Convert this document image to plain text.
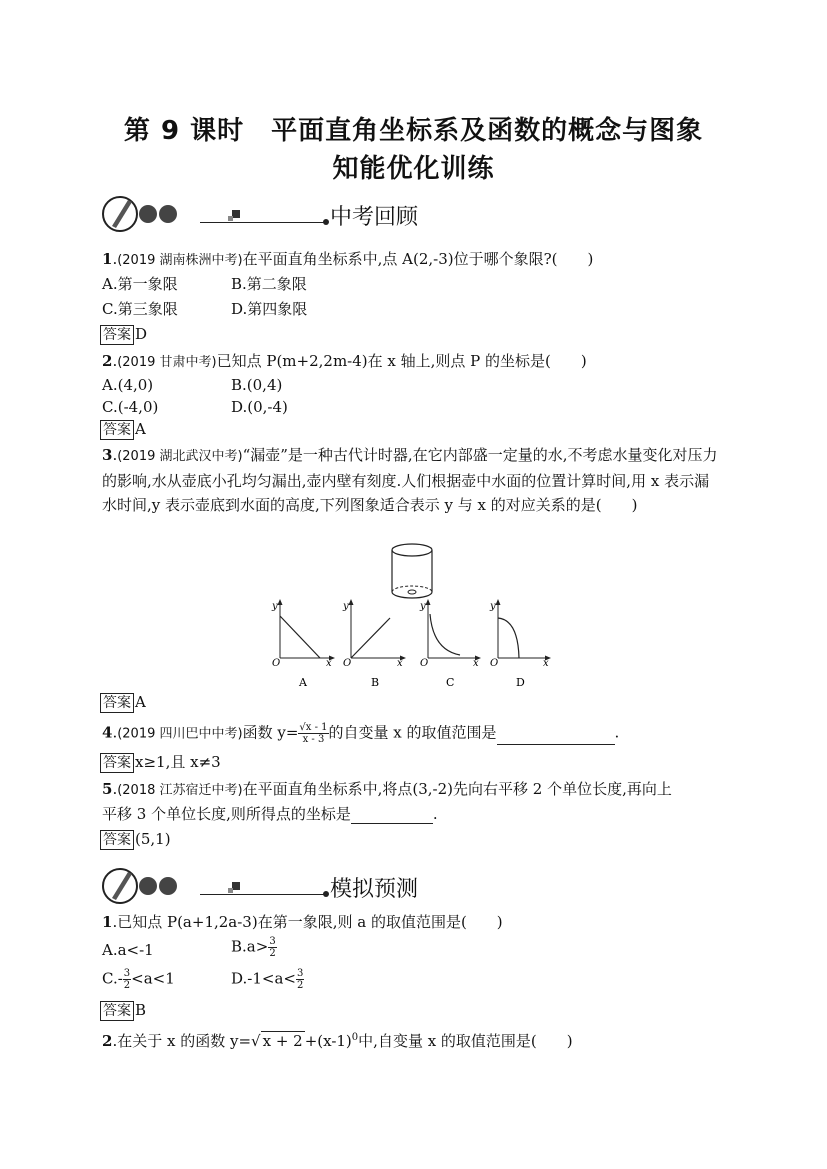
第 9 课时　平面直角坐标系及函数的概念与图象
知能优化训练
中考回顾
1.(2019 湖南株洲中考)在平面直角坐标系中,点 A(2,-3)位于哪个象限?(　　)
A.第一象限	B.第二象限
C.第三象限	D.第四象限
答案 D
2.(2019 甘肃中考)已知点 P(m+2,2m-4)在 x 轴上,则点 P 的坐标是(　　)
A.(4,0)	B.(0,4)
C.(-4,0)	D.(0,-4)
答案 A
3.(2019 湖北武汉中考)“漏壶”是一种古代计时器,在它内部盛一定量的水,不考虑水量变化对压力的影响,水从壶底小孔均匀漏出,壶内壁有刻度.人们根据壶中水面的位置计算时间,用 x 表示漏水时间,y 表示壶底到水面的高度,下列图象适合表示 y 与 x 的对应关系的是(　　)
y
O	x
A
y
O	x
B
y
O	x
C
y
O	x
D
答案 A
4.(2019 四川巴中中考)函数 $y= \frac{√x - 1}{x - 3}$ 的自变量 x 的取值范围是	.
答案 x≥1,且 x≠3
5.(2018 江苏宿迁中考)在平面直角坐标系中,将点(3,-2)先向右平移 2 个单位长度,再向上
平移 3 个单位长度,则所得点的坐标是	.
答案 (5,1)
模拟预测
1.已知点 P(a+1,2a-3)在第一象限,则 a 的取值范围是(　　)
A.a<-1	$B.a> \frac{3}{2}$
$C.- \frac{3}{2} <a<1$	$D.-1<a< \frac{3}{2}$
答案 B
2.在关于 x 的函数 y=√ $x + 2 +(x-1)^0$中,自变量 x 的取值范围是(　　)
